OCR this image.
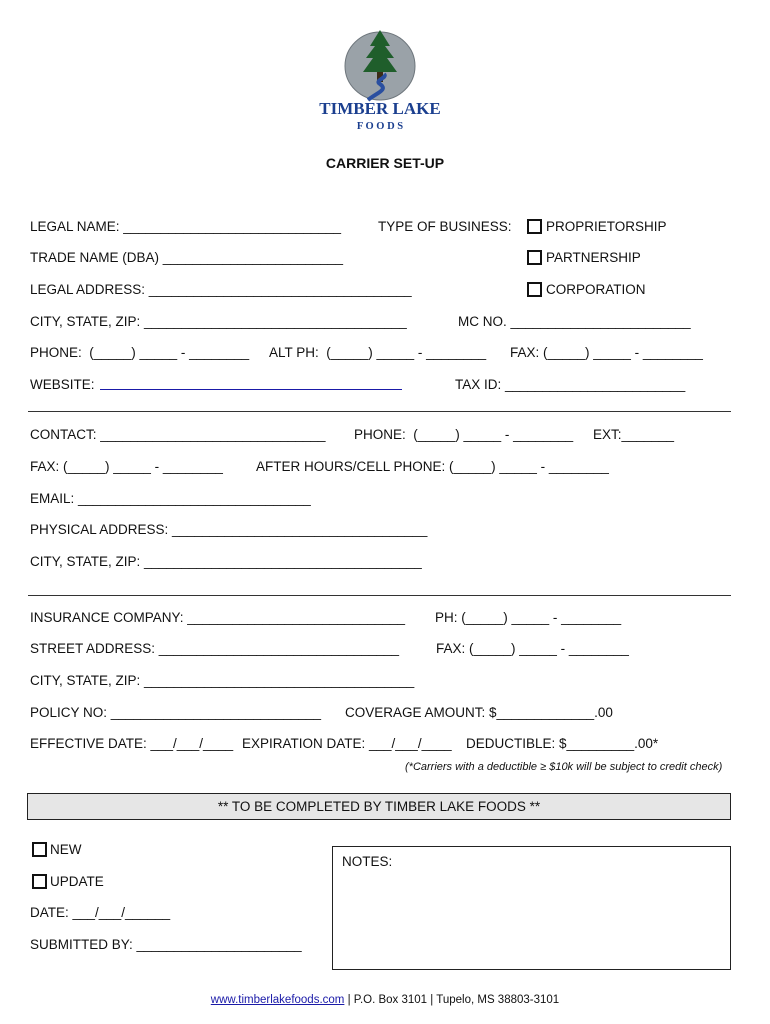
TIMBER LAKE
F O O D S
CARRIER SET-UP
LEGAL NAME: _____________________________	TYPE OF BUSINESS:	PROPRIETORSHIP
PARTNERSHIP
CORPORATION
TRADE NAME (DBA) ________________________
LEGAL ADDRESS: ___________________________________
CITY, STATE, ZIP: ___________________________________	MC NO. ________________________
PHONE:  (_____) _____ - ________ ALT PH:  (_____) _____ - ________ FAX: (_____) _____ - ________
WEBSITE:	TAX ID: ________________________
CONTACT: ______________________________ PHONE:  (_____) _____ - ________ EXT:_______
FAX: (_____) _____ - ________ AFTER HOURS/CELL PHONE: (_____) _____ - ________
EMAIL: _______________________________
PHYSICAL ADDRESS: __________________________________
CITY, STATE, ZIP: _____________________________________
INSURANCE COMPANY: _____________________________ PH: (_____) _____ - ________
STREET ADDRESS: ________________________________	FAX: (_____) _____ - ________
CITY, STATE, ZIP: ____________________________________
POLICY NO: ____________________________ COVERAGE AMOUNT: $_____________.00
EFFECTIVE DATE: ___/___/____ EXPIRATION DATE: ___/___/____ DEDUCTIBLE: $_________.00*
(*Carriers with a deductible ≥ $10k will be subject to credit check)
** TO BE COMPLETED BY TIMBER LAKE FOODS **
NEW
UPDATE
DATE: ___/___/______
SUBMITTED BY: ______________________
NOTES:
www.timberlakefoods.com | P.O. Box 3101 | Tupelo, MS 38803-3101
